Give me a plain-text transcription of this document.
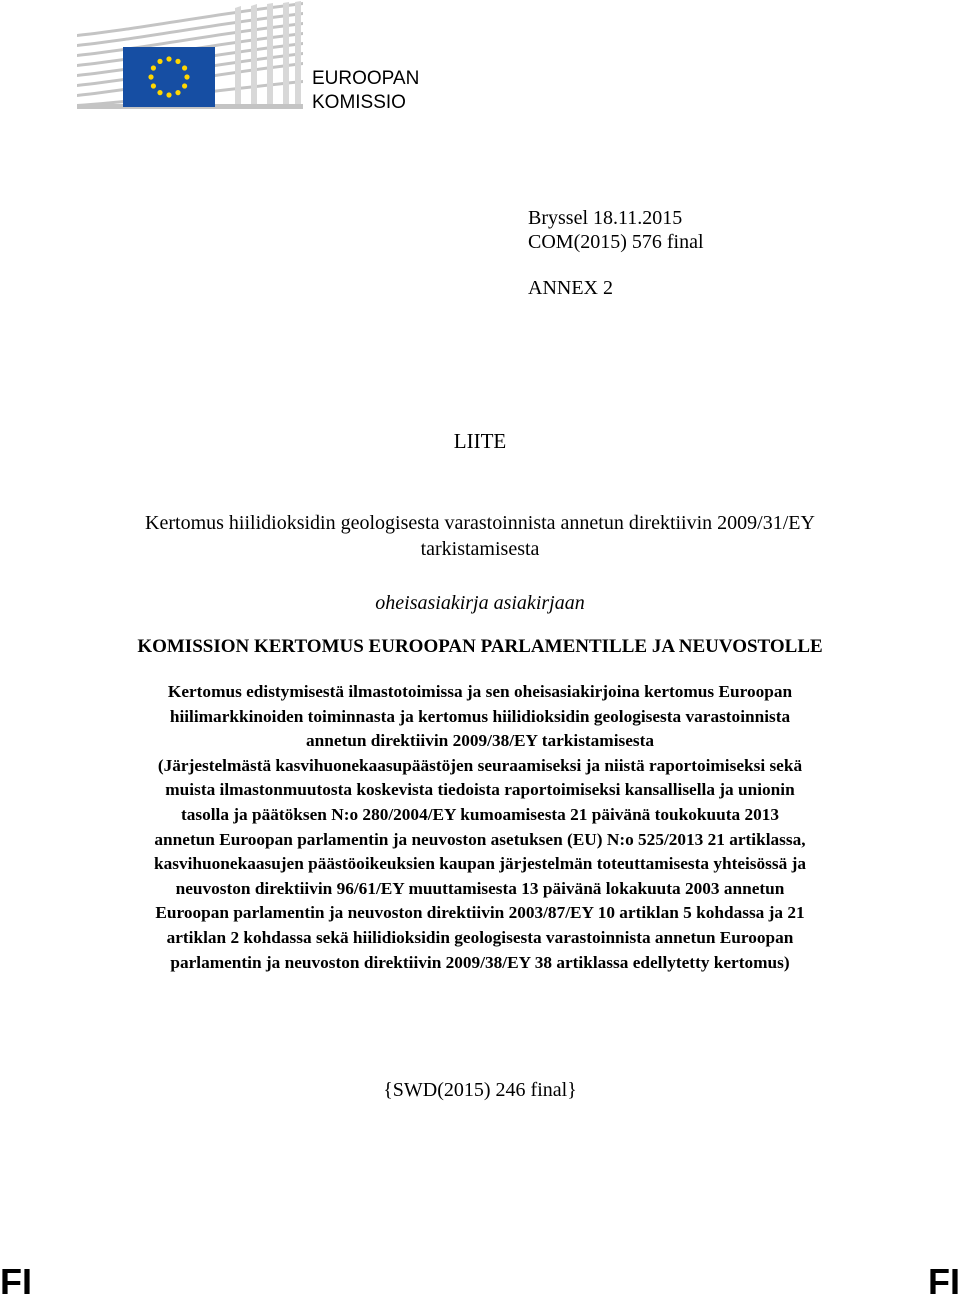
EUROOPAN
KOMISSIO
Bryssel 18.11.2015
COM(2015) 576 final
ANNEX 2
LIITE
Kertomus hiilidioksidin geologisesta varastoinnista annetun direktiivin 2009/31/EY
tarkistamisesta
oheisasiakirja asiakirjaan
KOMISSION KERTOMUS EUROOPAN PARLAMENTILLE JA NEUVOSTOLLE
Kertomus edistymisestä ilmastotoimissa ja sen oheisasiakirjoina kertomus Euroopan
hiilimarkkinoiden toiminnasta ja kertomus hiilidioksidin geologisesta varastoinnista
annetun direktiivin 2009/38/EY tarkistamisesta
(Järjestelmästä kasvihuonekaasupäästöjen seuraamiseksi ja niistä raportoimiseksi sekä
muista ilmastonmuutosta koskevista tiedoista raportoimiseksi kansallisella ja unionin
tasolla ja päätöksen N:o 280/2004/EY kumoamisesta 21 päivänä toukokuuta 2013
annetun Euroopan parlamentin ja neuvoston asetuksen (EU) N:o 525/2013 21 artiklassa,
kasvihuonekaasujen päästöoikeuksien kaupan järjestelmän toteuttamisesta yhteisössä ja
neuvoston direktiivin 96/61/EY muuttamisesta 13 päivänä lokakuuta 2003 annetun
Euroopan parlamentin ja neuvoston direktiivin 2003/87/EY 10 artiklan 5 kohdassa ja 21
artiklan 2 kohdassa sekä hiilidioksidin geologisesta varastoinnista annetun Euroopan
parlamentin ja neuvoston direktiivin 2009/38/EY 38 artiklassa edellytetty kertomus)
{SWD(2015) 246 final}
FI	FI
